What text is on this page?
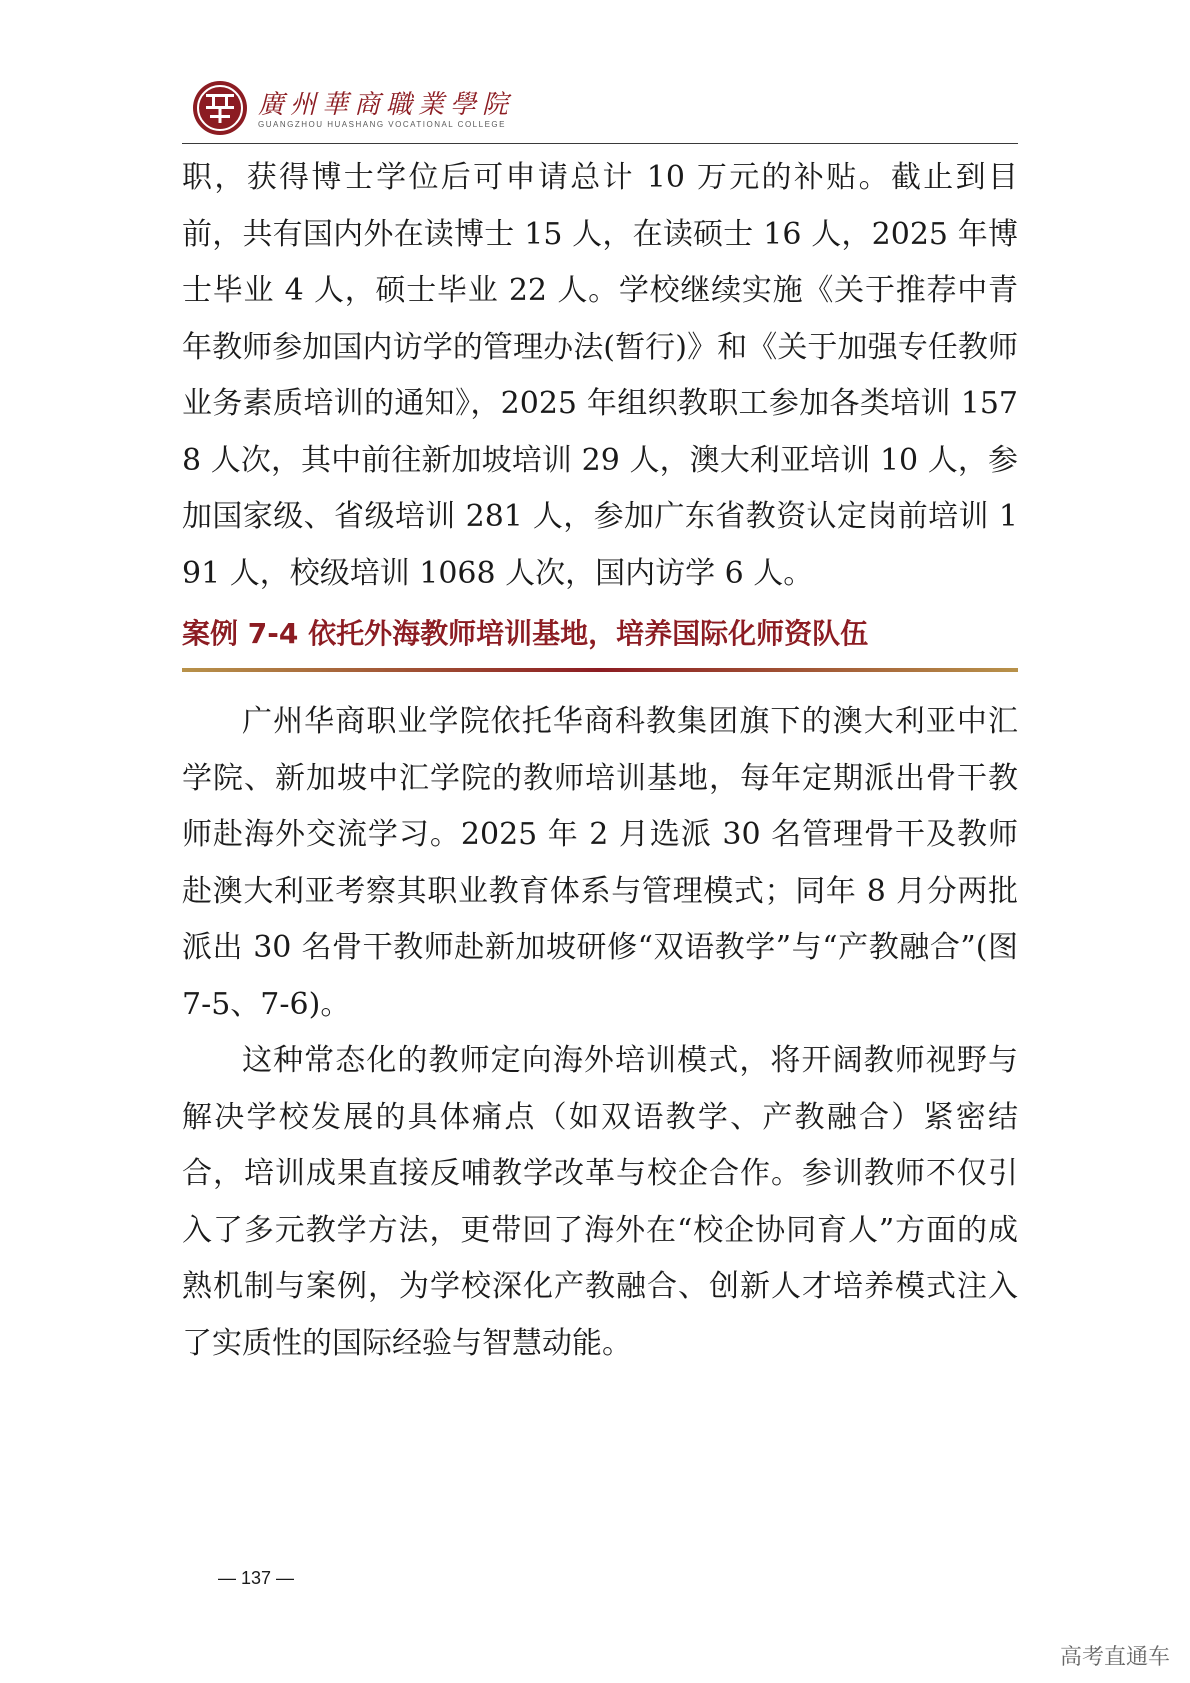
廣州華商職業學院
GUANGZHOU HUASHANG VOCATIONAL COLLEGE

职，获得博士学位后可申请总计 10 万元的补贴。截止到目前，共有国内外在读博士 15 人，在读硕士 16 人，2025 年博士毕业 4 人，硕士毕业 22 人。学校继续实施《关于推荐中青年教师参加国内访学的管理办法(暂行)》和《关于加强专任教师业务素质培训的通知》，2025 年组织教职工参加各类培训 1578 人次，其中前往新加坡培训 29 人，澳大利亚培训 10 人，参加国家级、省级培训 281 人，参加广东省教资认定岗前培训 191 人，校级培训 1068 人次，国内访学 6 人。

案例 7-4 依托外海教师培训基地，培养国际化师资队伍

广州华商职业学院依托华商科教集团旗下的澳大利亚中汇学院、新加坡中汇学院的教师培训基地，每年定期派出骨干教师赴海外交流学习。2025 年 2 月选派 30 名管理骨干及教师赴澳大利亚考察其职业教育体系与管理模式；同年 8 月分两批派出 30 名骨干教师赴新加坡研修“双语教学”与“产教融合”(图 7-5、7-6)。

这种常态化的教师定向海外培训模式，将开阔教师视野与解决学校发展的具体痛点（如双语教学、产教融合）紧密结合，培训成果直接反哺教学改革与校企合作。参训教师不仅引入了多元教学方法，更带回了海外在“校企协同育人”方面的成熟机制与案例，为学校深化产教融合、创新人才培养模式注入了实质性的国际经验与智慧动能。

— 137 —
高考直通车
